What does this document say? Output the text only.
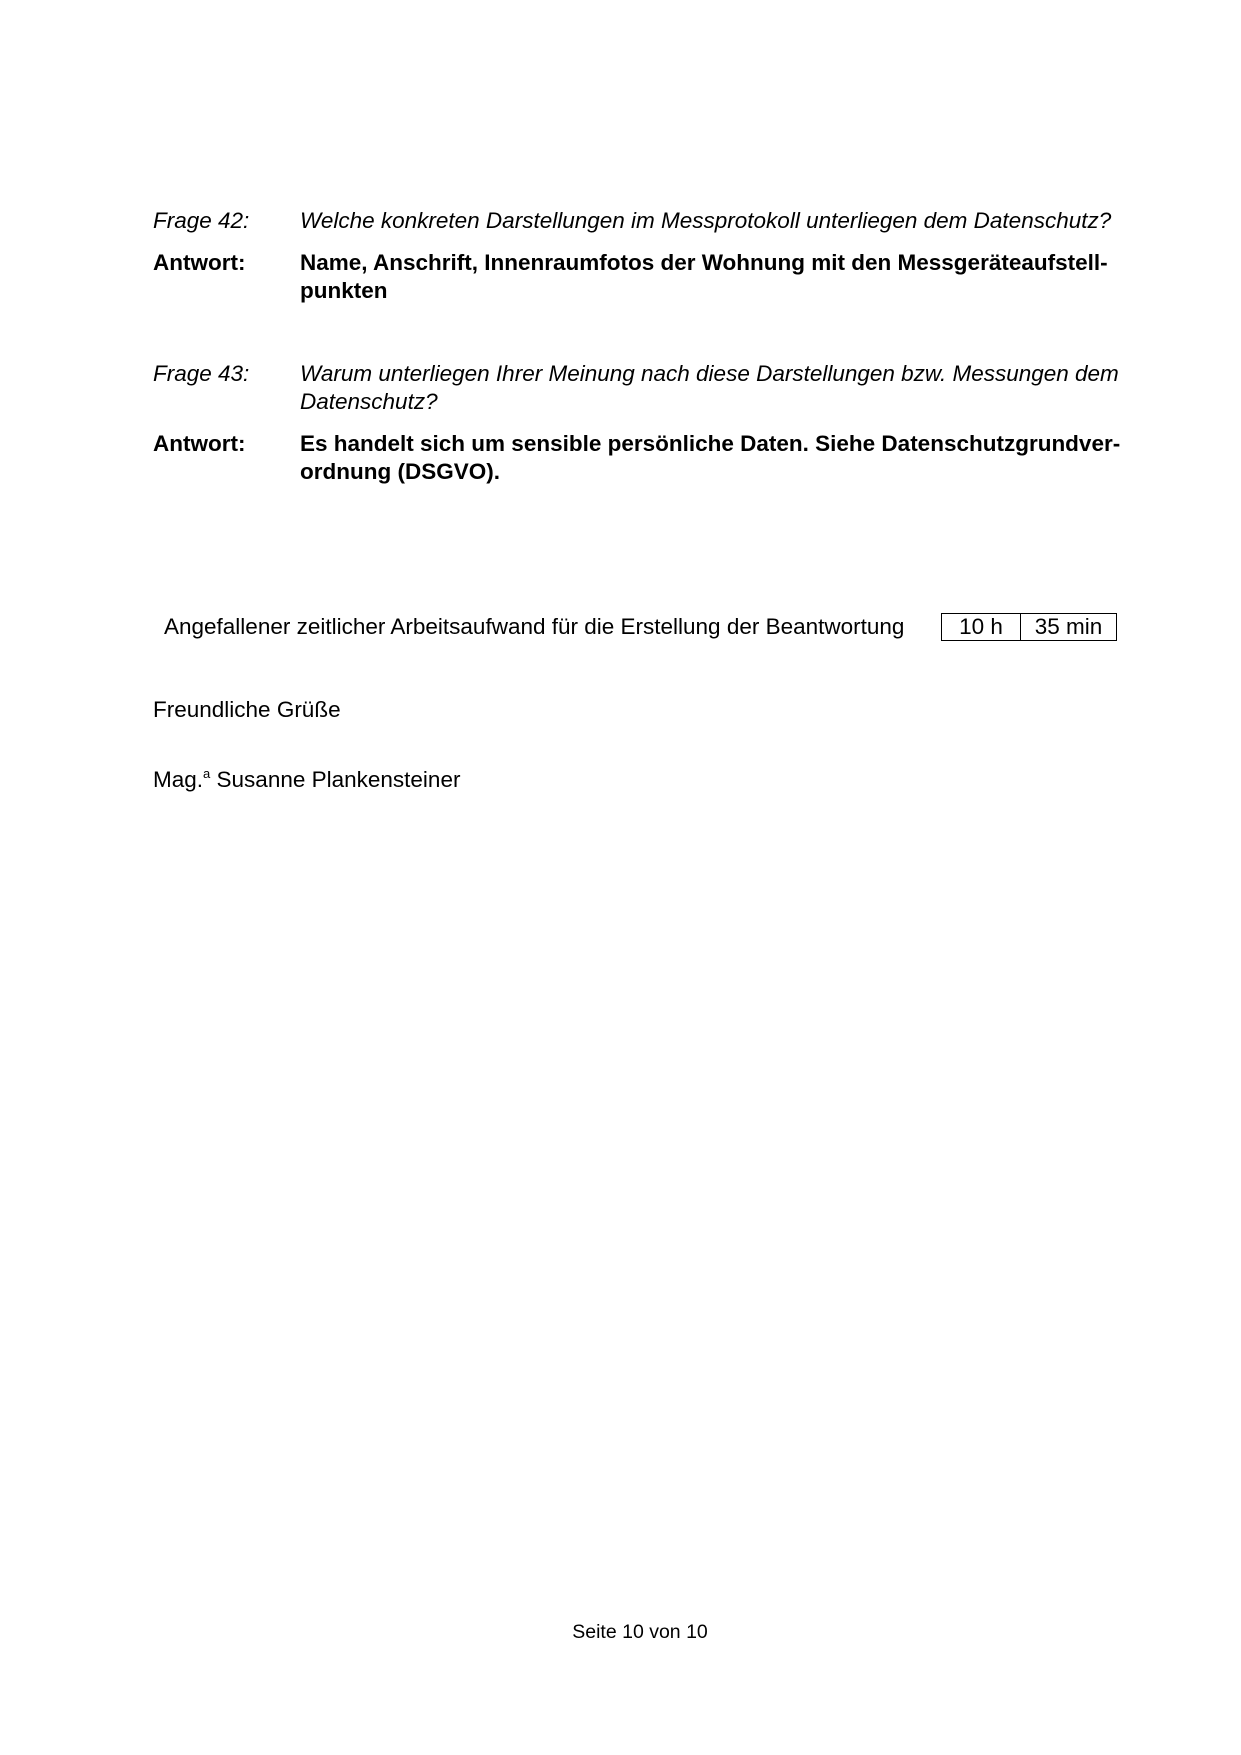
Frage 42:	Welche konkreten Darstellungen im Messprotokoll unterliegen dem Datenschutz?
Antwort:	Name, Anschrift, Innenraumfotos der Wohnung mit den Messgeräteaufstell-
punkten
Frage 43:	Warum unterliegen Ihrer Meinung nach diese Darstellungen bzw. Messungen dem
Datenschutz?
Antwort:	Es handelt sich um sensible persönliche Daten. Siehe Datenschutzgrundver-
ordnung (DSGVO).
Angefallener zeitlicher Arbeitsaufwand für die Erstellung der Beantwortung	10 h	35 min
Freundliche Grüße
Mag.$^a$ Susanne Plankensteiner
Seite 10 von 10
